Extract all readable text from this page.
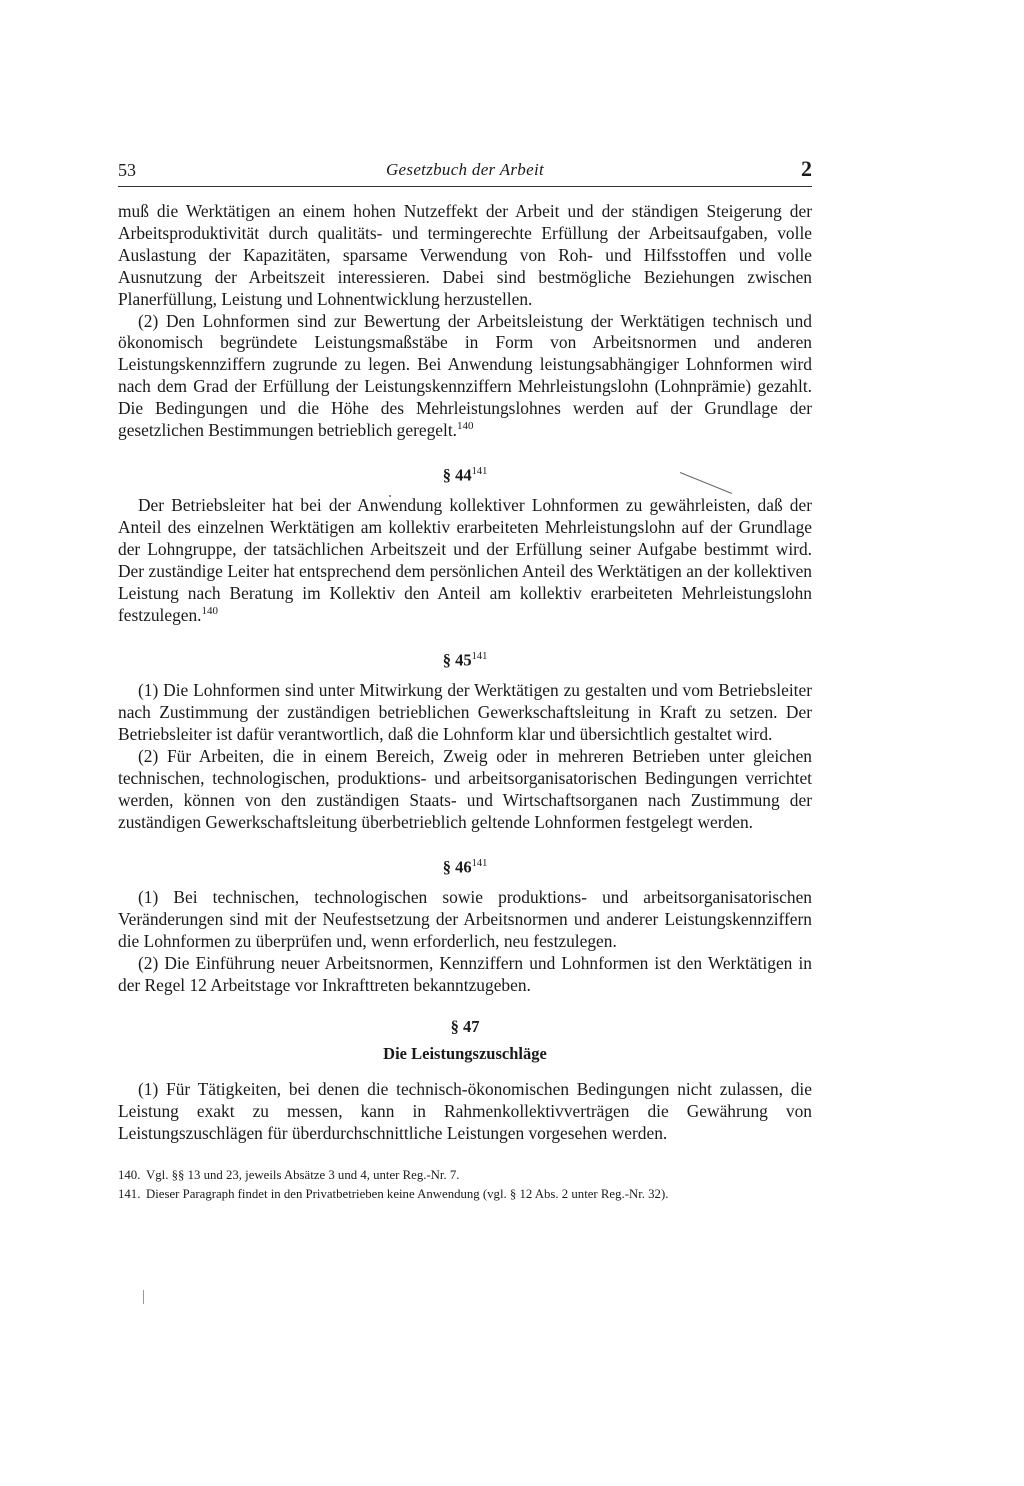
53	Gesetzbuch der Arbeit	2

muß die Werktätigen an einem hohen Nutzeffekt der Arbeit und der ständigen Steigerung der Arbeitsproduktivität durch qualitäts- und termingerechte Erfüllung der Arbeitsaufgaben, volle Auslastung der Kapazitäten, sparsame Verwendung von Roh- und Hilfsstoffen und volle Ausnutzung der Arbeitszeit interessieren. Dabei sind bestmögliche Beziehungen zwischen Planerfüllung, Leistung und Lohnentwicklung herzustellen.

(2) Den Lohnformen sind zur Bewertung der Arbeitsleistung der Werktätigen technisch und ökonomisch begründete Leistungsmaßstäbe in Form von Arbeitsnormen und anderen Leistungskennziffern zugrunde zu legen. Bei Anwendung leistungsabhängiger Lohnformen wird nach dem Grad der Erfüllung der Leistungskennziffern Mehrleistungslohn (Lohnprämie) gezahlt. Die Bedingungen und die Höhe des Mehrleistungslohnes werden auf der Grundlage der gesetzlichen Bestimmungen betrieblich geregelt.$^{140}$

§ $44^{141}$

Der Betriebsleiter hat bei der Anwendung kollektiver Lohnformen zu gewährleisten, daß der Anteil des einzelnen Werktätigen am kollektiv erarbeiteten Mehrleistungslohn auf der Grundlage der Lohngruppe, der tatsächlichen Arbeitszeit und der Erfüllung seiner Aufgabe bestimmt wird. Der zuständige Leiter hat entsprechend dem persönlichen Anteil des Werktätigen an der kollektiven Leistung nach Beratung im Kollektiv den Anteil am kollektiv erarbeiteten Mehrleistungslohn festzulegen.$^{140}$

§ $45^{141}$

(1) Die Lohnformen sind unter Mitwirkung der Werktätigen zu gestalten und vom Betriebsleiter nach Zustimmung der zuständigen betrieblichen Gewerkschaftsleitung in Kraft zu setzen. Der Betriebsleiter ist dafür verantwortlich, daß die Lohnform klar und übersichtlich gestaltet wird.

(2) Für Arbeiten, die in einem Bereich, Zweig oder in mehreren Betrieben unter gleichen technischen, technologischen, produktions- und arbeitsorganisatorischen Bedingungen verrichtet werden, können von den zuständigen Staats- und Wirtschaftsorganen nach Zustimmung der zuständigen Gewerkschaftsleitung überbetrieblich geltende Lohnformen festgelegt werden.

§ $46^{141}$

(1) Bei technischen, technologischen sowie produktions- und arbeitsorganisatorischen Veränderungen sind mit der Neufestsetzung der Arbeitsnormen und anderer Leistungskennziffern die Lohnformen zu überprüfen und, wenn erforderlich, neu festzulegen.

(2) Die Einführung neuer Arbeitsnormen, Kennziffern und Lohnformen ist den Werktätigen in der Regel 12 Arbeitstage vor Inkrafttreten bekanntzugeben.

§ 47
Die Leistungszuschläge

(1) Für Tätigkeiten, bei denen die technisch-ökonomischen Bedingungen nicht zulassen, die Leistung exakt zu messen, kann in Rahmenkollektivverträgen die Gewährung von Leistungszuschlägen für überdurchschnittliche Leistungen vorgesehen werden.

140. Vgl. §§ 13 und 23, jeweils Absätze 3 und 4, unter Reg.-Nr. 7.
141. Dieser Paragraph findet in den Privatbetrieben keine Anwendung (vgl. § 12 Abs. 2 unter Reg.-Nr. 32).
